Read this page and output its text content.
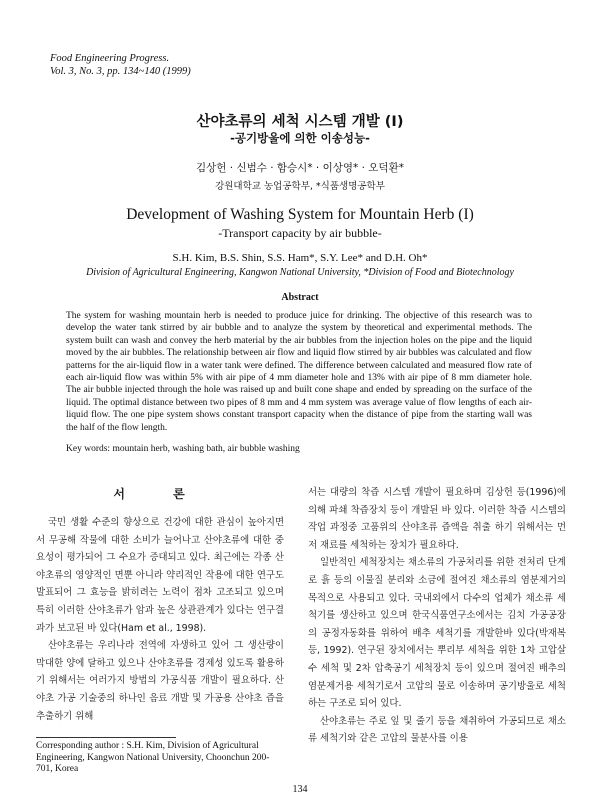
Food Engineering Progress.
Vol. 3, No. 3, pp. 134~140 (1999)
산야초류의 세척 시스템 개발 (I)
-공기방울에 의한 이송성능-
김상헌 · 신범수 · 함승시* · 이상영* · 오덕환*
강원대학교 농업공학부, *식품생명공학부
Development of Washing System for Mountain Herb (I)
-Transport capacity by air bubble-
S.H. Kim, B.S. Shin, S.S. Ham*, S.Y. Lee* and D.H. Oh*
Division of Agricultural Engineering, Kangwon National University, *Division of Food and Biotechnology
Abstract
The system for washing mountain herb is needed to produce juice for drinking. The objective of this research was to develop the water tank stirred by air bubble and to analyze the system by theoretical and experimental methods. The system built can wash and convey the herb material by the air bubbles from the injection holes on the pipe and the liquid moved by the air bubbles. The relationship between air flow and liquid flow stirred by air bubbles was calculated and flow patterns for the air-liquid flow in a water tank were defined. The difference between calculated and measured flow rate of each air-liquid flow was within 5% with air pipe of 4 mm diameter hole and 13% with air pipe of 8 mm diameter hole. The air bubble injected through the hole was raised up and built cone shape and ended by spreading on the surface of the liquid. The optimal distance between two pipes of 8 mm and 4 mm system was average value of flow lengths of each air-liquid flow. The one pipe system shows constant transport capacity when the distance of pipe from the starting wall was the half of the flow length.
Key words: mountain herb, washing bath, air bubble washing
서 론

국민 생활 수준의 향상으로 건강에 대한 관심이 높아지면서 무공해 작물에 대한 소비가 늘어나고 산야초류에 대한 중요성이 평가되어 그 수요가 증대되고 있다. 최근에는 각종 산야초류의 영양적인 면뿐 아니라 약리적인 작용에 대한 연구도 발표되어 그 효능을 밝히려는 노력이 점차 고조되고 있으며 특히 이러한 산야초류가 암과 높은 상관관계가 있다는 연구결과가 보고된 바 있다(Ham et al., 1998).

산야초류는 우리나라 전역에 자생하고 있어 그 생산량이 막대한 양에 달하고 있으나 산야초류를 경제성 있도록 활용하기 위해서는 여러가지 방법의 가공식품 개발이 필요하다. 산야초 가공 기술중의 하나인 음료 개발 및 가공용 산야초 즙을 추출하기 위해

서는 대량의 착즙 시스템 개발이 필요하며 김상헌 등(1996)에 의해 파쇄 착즙장치 등이 개발된 바 있다. 이러한 착즙 시스템의 작업 과정중 고품위의 산야초류 즙액을 취출 하기 위해서는 먼저 재료를 세척하는 장치가 필요하다.

일반적인 세척장치는 채소류의 가공처리를 위한 전처리 단계로 흙 등의 이물질 분리와 소금에 절여진 채소류의 염분제거의 목적으로 사용되고 있다. 국내외에서 다수의 업체가 채소류 세척기를 생산하고 있으며 한국식품연구소에서는 김치 가공공장의 공정자동화를 위하여 배추 세척기를 개발한바 있다(박재복 등, 1992). 연구된 장치에서는 뿌리부 세척을 위한 1차 고압살수 세척 및 2차 압축공기 세척장치 등이 있으며 절여진 배추의 염분제거용 세척기로서 고압의 물로 이송하며 공기방울로 세척하는 구조로 되어 있다.

산야초류는 주로 잎 및 줄기 등을 채취하여 가공되므로 채소류 세척기와 같은 고압의 물분사를 이용

Corresponding author : S.H. Kim, Division of Agricultural Engineering, Kangwon National University, Choonchun 200-701, Korea
134
